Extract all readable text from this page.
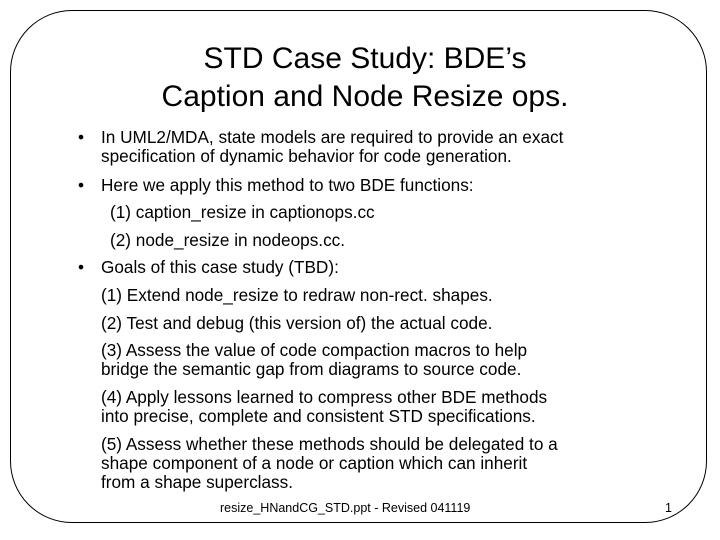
STD Case Study: BDE’s
Caption and Node Resize ops.
• In UML2/MDA, state models are required to provide an exact
specification of dynamic behavior for code generation.
• Here we apply this method to two BDE functions:
(1) caption_resize in captionops.cc
(2) node_resize in nodeops.cc.
• Goals of this case study (TBD):
(1) Extend node_resize to redraw non-rect. shapes.
(2) Test and debug (this version of) the actual code.
(3) Assess the value of code compaction macros to help
bridge the semantic gap from diagrams to source code.
(4) Apply lessons learned to compress other BDE methods
into precise, complete and consistent STD specifications.
(5) Assess whether these methods should be delegated to a
shape component of a node or caption which can inherit
from a shape superclass.
resize_HNandCG_STD.ppt - Revised 041119	1
